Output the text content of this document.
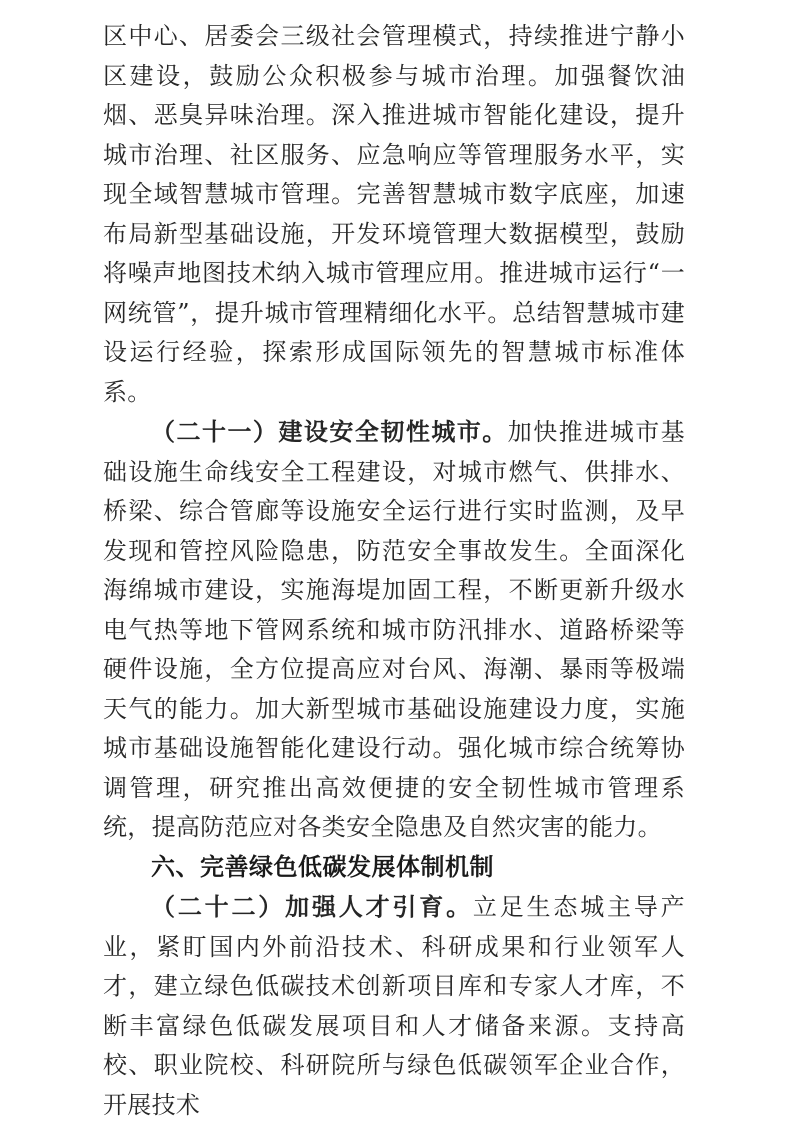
区中心、居委会三级社会管理模式，持续推进宁静小区建设，鼓励公众积极参与城市治理。加强餐饮油烟、恶臭异味治理。深入推进城市智能化建设，提升城市治理、社区服务、应急响应等管理服务水平，实现全域智慧城市管理。完善智慧城市数字底座，加速布局新型基础设施，开发环境管理大数据模型，鼓励将噪声地图技术纳入城市管理应用。推进城市运行“一网统管”，提升城市管理精细化水平。总结智慧城市建设运行经验，探索形成国际领先的智慧城市标准体系。

（二十一）建设安全韧性城市。加快推进城市基础设施生命线安全工程建设，对城市燃气、供排水、桥梁、综合管廊等设施安全运行进行实时监测，及早发现和管控风险隐患，防范安全事故发生。全面深化海绵城市建设，实施海堤加固工程，不断更新升级水电气热等地下管网系统和城市防汛排水、道路桥梁等硬件设施，全方位提高应对台风、海潮、暴雨等极端天气的能力。加大新型城市基础设施建设力度，实施城市基础设施智能化建设行动。强化城市综合统筹协调管理，研究推出高效便捷的安全韧性城市管理系统，提高防范应对各类安全隐患及自然灾害的能力。

六、完善绿色低碳发展体制机制

（二十二）加强人才引育。立足生态城主导产业，紧盯国内外前沿技术、科研成果和行业领军人才，建立绿色低碳技术创新项目库和专家人才库，不断丰富绿色低碳发展项目和人才储备来源。支持高校、职业院校、科研院所与绿色低碳领军企业合作，开展技术
